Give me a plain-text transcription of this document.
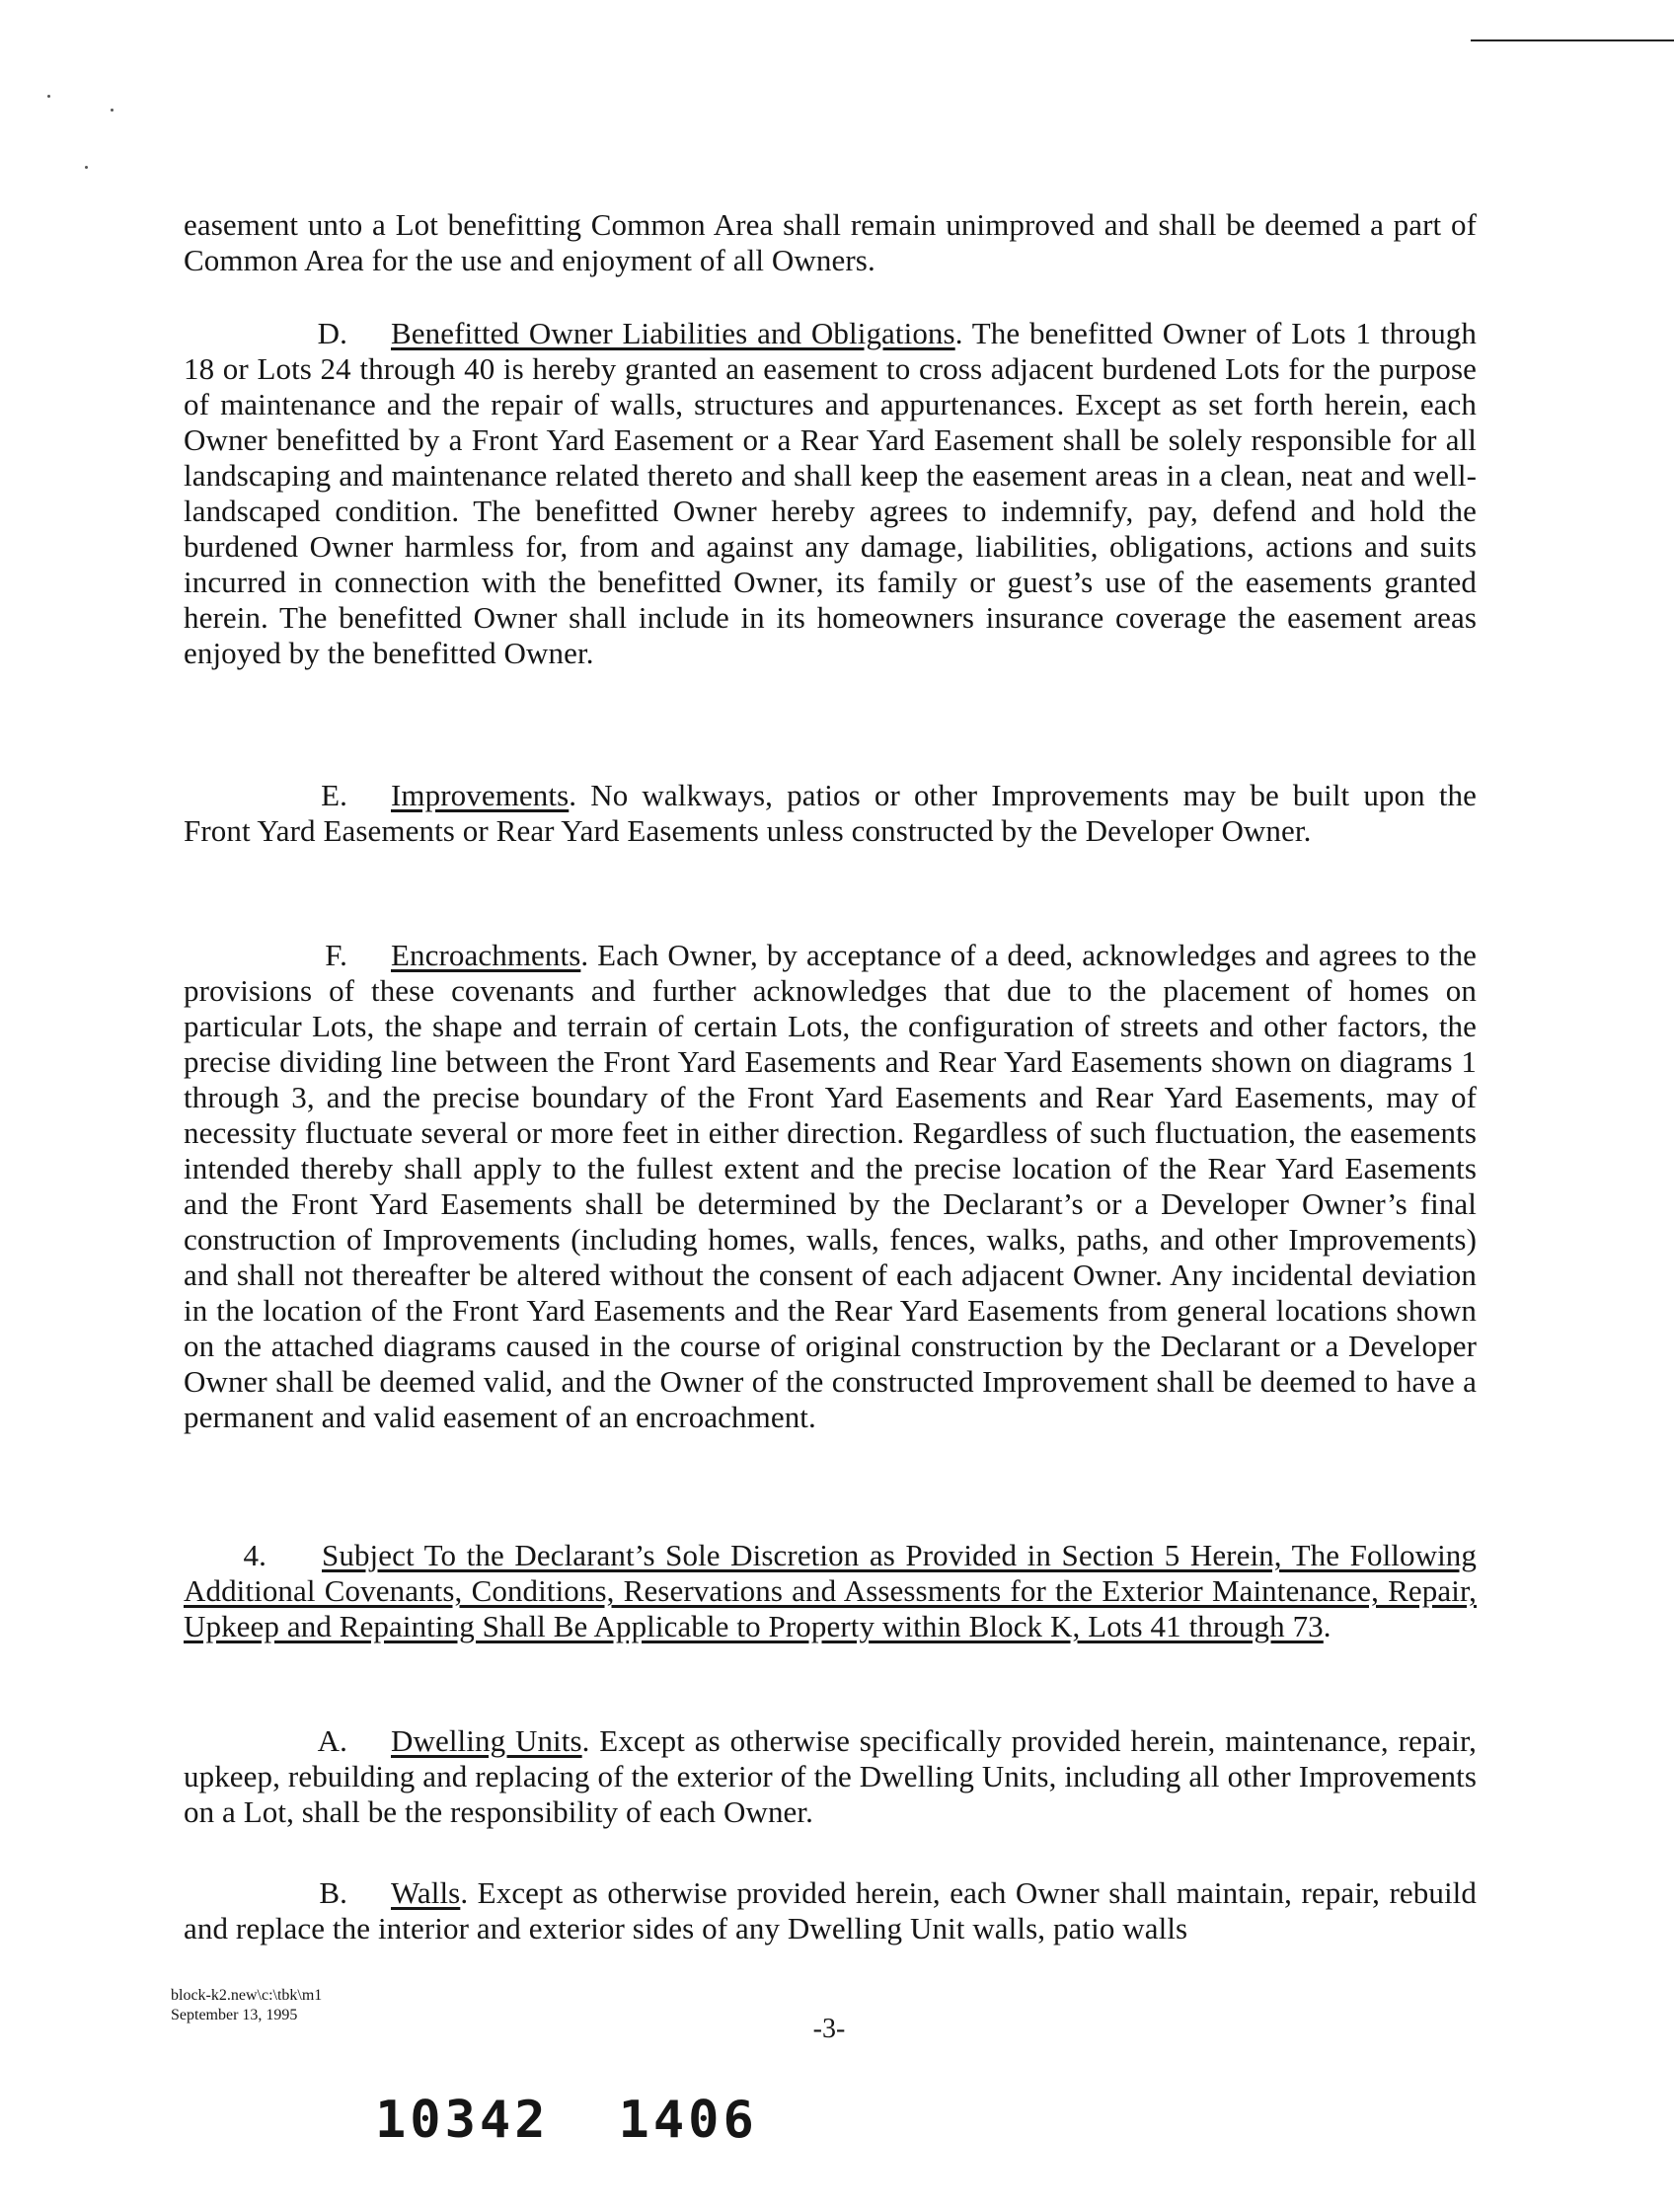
easement unto a Lot benefitting Common Area shall remain unimproved and shall be deemed a part of Common Area for the use and enjoyment of all Owners.

D. Benefitted Owner Liabilities and Obligations. The benefitted Owner of Lots 1 through 18 or Lots 24 through 40 is hereby granted an easement to cross adjacent burdened Lots for the purpose of maintenance and the repair of walls, structures and appurtenances. Except as set forth herein, each Owner benefitted by a Front Yard Easement or a Rear Yard Easement shall be solely responsible for all landscaping and maintenance related thereto and shall keep the easement areas in a clean, neat and well-landscaped condition. The benefitted Owner hereby agrees to indemnify, pay, defend and hold the burdened Owner harmless for, from and against any damage, liabilities, obligations, actions and suits incurred in connection with the benefitted Owner, its family or guest’s use of the easements granted herein. The benefitted Owner shall include in its homeowners insurance coverage the easement areas enjoyed by the benefitted Owner.

E. Improvements. No walkways, patios or other Improvements may be built upon the Front Yard Easements or Rear Yard Easements unless constructed by the Developer Owner.

F. Encroachments. Each Owner, by acceptance of a deed, acknowledges and agrees to the provisions of these covenants and further acknowledges that due to the placement of homes on particular Lots, the shape and terrain of certain Lots, the configuration of streets and other factors, the precise dividing line between the Front Yard Easements and Rear Yard Easements shown on diagrams 1 through 3, and the precise boundary of the Front Yard Easements and Rear Yard Easements, may of necessity fluctuate several or more feet in either direction. Regardless of such fluctuation, the easements intended thereby shall apply to the fullest extent and the precise location of the Rear Yard Easements and the Front Yard Easements shall be determined by the Declarant’s or a Developer Owner’s final construction of Improvements (including homes, walls, fences, walks, paths, and other Improvements) and shall not thereafter be altered without the consent of each adjacent Owner. Any incidental deviation in the location of the Front Yard Easements and the Rear Yard Easements from general locations shown on the attached diagrams caused in the course of original construction by the Declarant or a Developer Owner shall be deemed valid, and the Owner of the constructed Improvement shall be deemed to have a permanent and valid easement of an encroachment.

4. Subject To the Declarant’s Sole Discretion as Provided in Section 5 Herein, The Following Additional Covenants, Conditions, Reservations and Assessments for the Exterior Maintenance, Repair, Upkeep and Repainting Shall Be Applicable to Property within Block K, Lots 41 through 73.

A. Dwelling Units. Except as otherwise specifically provided herein, maintenance, repair, upkeep, rebuilding and replacing of the exterior of the Dwelling Units, including all other Improvements on a Lot, shall be the responsibility of each Owner.

B. Walls. Except as otherwise provided herein, each Owner shall maintain, repair, rebuild and replace the interior and exterior sides of any Dwelling Unit walls, patio walls

block-k2.new\c:\tbk\m1
September 13, 1995	-3-
10342 1406
